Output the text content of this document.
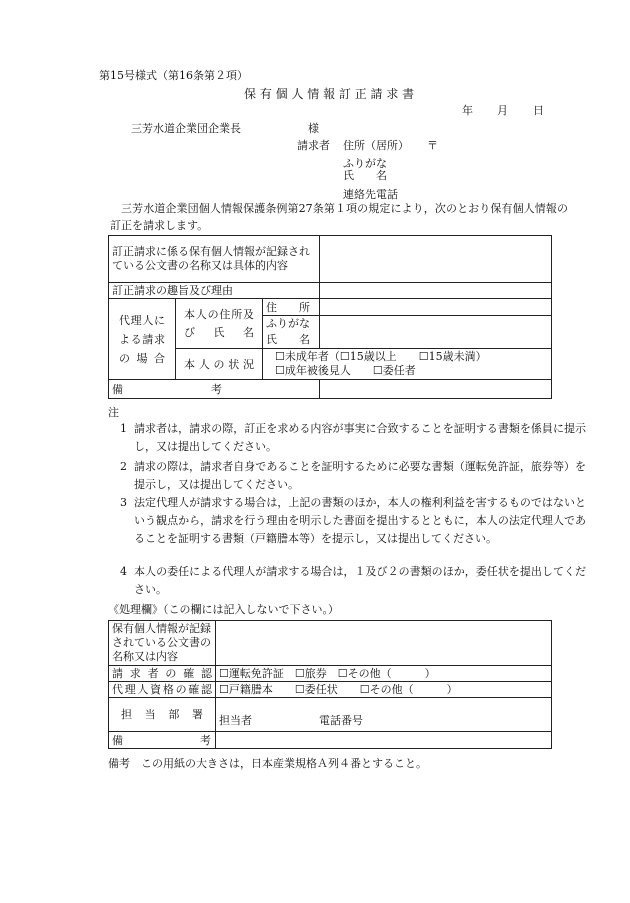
第15号様式（第16条第２項）
保 有 個 人 情 報 訂 正 請 求 書
年 月 日
三芳水道企業団企業長	様
請求者 住所（居所） 〒
ふりがな
氏　　名
連絡先電話
三芳水道企業団個人情報保護条例第27条第１項の規定により，次のとおり保有個人情報の訂正を請求します。
訂正請求に係る保有個人情報が記録されている公文書の名称又は具体的内容			
訂正請求の趣旨及び理由			
代理人による請求の場合	本人の住所及び氏名	住　　所	
		ふりがな	
		氏　　名	
	本人の状況	☐未成年者（☐15歳以上　　☐15歳未満）
☐成年被後見人　　☐委任者	

備　　　　　　　　考			
注
1 請求者は，請求の際，訂正を求める内容が事実に合致することを証明する書類を係員に提示し，又は提出してください。
2 請求の際は，請求者自身であることを証明するために必要な書類（運転免許証，旅券等）を提示し，又は提出してください。
3 法定代理人が請求する場合は，上記の書類のほか，本人の権利利益を害するものではないという観点から，請求を行う理由を明示した書面を提出するとともに，本人の法定代理人であることを証明する書類（戸籍謄本等）を提示し，又は提出してください。
4 本人の委任による代理人が請求する場合は，１及び２の書類のほか，委任状を提出してください。
《処理欄》（この欄には記入しないで下さい。）
保有個人情報が記録されている公文書の名称又は内容	
請求者の確認	☐運転免許証　☐旅券　☐その他（　　　）
代理人資格の確認	☐戸籍謄本　　☐委任状　　☐その他（　　　）
担当部署	担当者 電話番号
備　　　　　　　考	
備考　この用紙の大きさは，日本産業規格Ａ列４番とすること。
